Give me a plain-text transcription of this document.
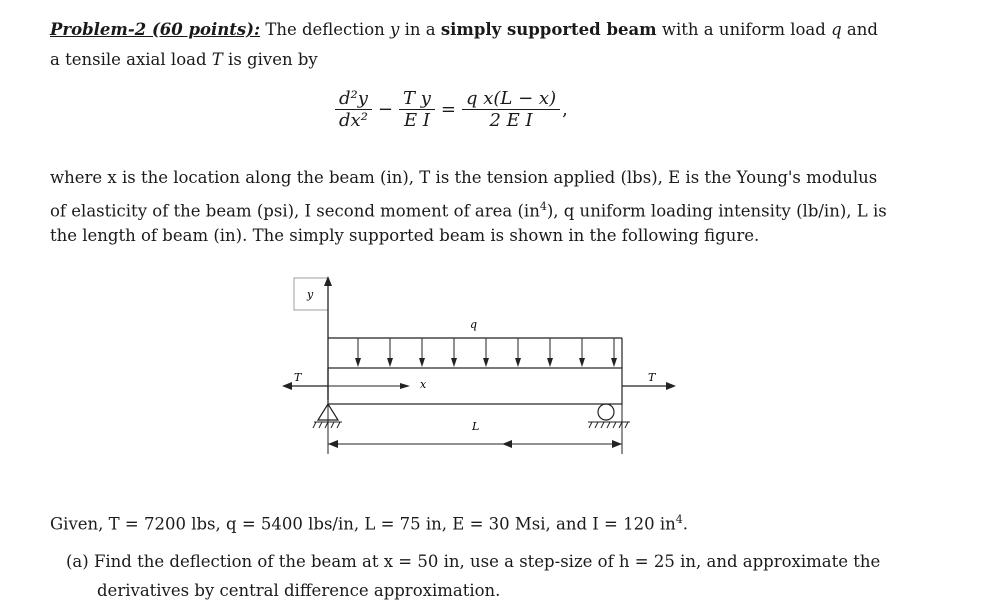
Problem-2 (60 points): The deflection y in a simply supported beam with a uniform load q and
a tensile axial load T is given by
$\frac{\text{d²y}}{\text{dx²}} - \frac{\text{T y}}{\text{E I}} = \frac{\text{q x(L − x)}}{\text{2 E I}}$ ,
where x is the location along the beam (in), T is the tension applied (lbs), E is the Young's modulus
of elasticity of the beam (psi), I second moment of area $(in^4)$, q uniform loading intensity (lb/in), L is
the length of beam (in). The simply supported beam is shown in the following figure.
y
q
T	T
x
L
Given, T = 7200 lbs, q = 5400 lbs/in, L = 75 in, E = 30 Msi, and I = 120 $in^4$.
(a) Find the deflection of the beam at x = 50 in, use a step-size of h = 25 in, and approximate the
derivatives by central difference approximation.
